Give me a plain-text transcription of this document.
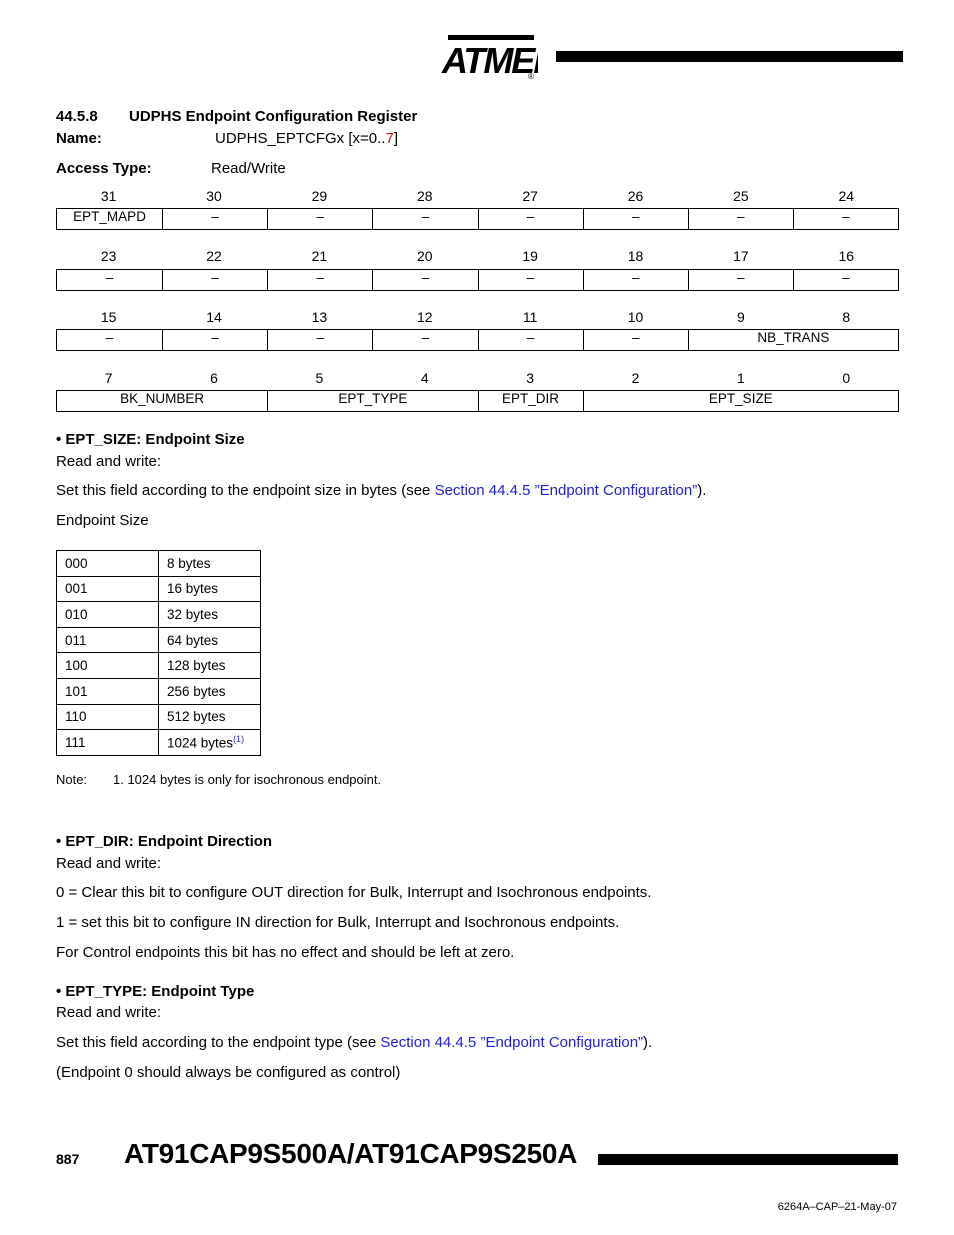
ATME
®
44.5.8 UDPHS Endpoint Configuration Register
Name:	UDPHS_EPTCFGx [x=0..7]
Access Type:	Read/Write
31	30	29	28	27	26	25	24
EPT_MAPD	–	–	–	–	–	–	–
23	22	21	20	19	18	17	16
–	–	–	–	–	–	–	–
15	14	13	12	11	10	9	8
–	–	–	–	–	–	NB_TRANS
7	6	5	4	3	2	1	0
BK_NUMBER	EPT_TYPE	EPT_DIR	EPT_SIZE
• EPT_SIZE: Endpoint Size
Read and write:
Set this field according to the endpoint size in bytes (see Section 44.4.5 ”Endpoint Configuration”).
Endpoint Size
000	8 bytes
001	16 bytes
010	32 bytes
011	64 bytes
100	128 bytes
101	256 bytes
110	512 bytes
111	1024 bytes$^{(1)}$
Note: 1. 1024 bytes is only for isochronous endpoint.
• EPT_DIR: Endpoint Direction
Read and write:
0 = Clear this bit to configure OUT direction for Bulk, Interrupt and Isochronous endpoints.
1 = set this bit to configure IN direction for Bulk, Interrupt and Isochronous endpoints.
For Control endpoints this bit has no effect and should be left at zero.
• EPT_TYPE: Endpoint Type
Read and write:
Set this field according to the endpoint type (see Section 44.4.5 ”Endpoint Configuration”).
(Endpoint 0 should always be configured as control)
887 AT91CAP9S500A/AT91CAP9S250A
6264A–CAP–21-May-07
